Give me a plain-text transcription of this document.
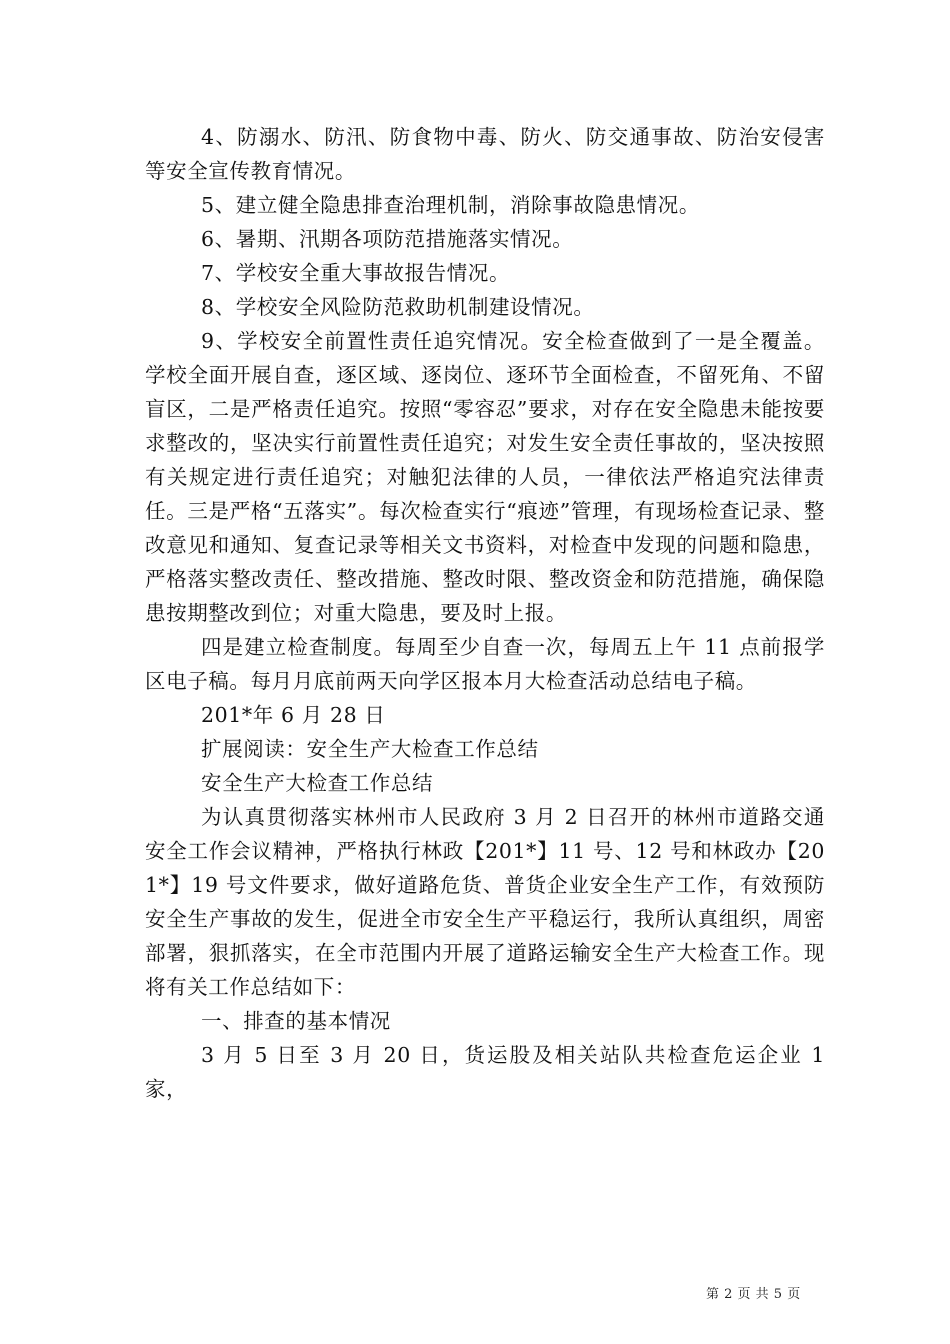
4、防溺水、防汛、防食物中毒、防火、防交通事故、防治安侵害等安全宣传教育情况。

5、建立健全隐患排查治理机制，消除事故隐患情况。

6、暑期、汛期各项防范措施落实情况。

7、学校安全重大事故报告情况。

8、学校安全风险防范救助机制建设情况。

9、学校安全前置性责任追究情况。安全检查做到了一是全覆盖。学校全面开展自查，逐区域、逐岗位、逐环节全面检查，不留死角、不留盲区，二是严格责任追究。按照“零容忍”要求，对存在安全隐患未能按要求整改的，坚决实行前置性责任追究；对发生安全责任事故的，坚决按照有关规定进行责任追究；对触犯法律的人员，一律依法严格追究法律责任。三是严格“五落实”。每次检查实行“痕迹”管理，有现场检查记录、整改意见和通知、复查记录等相关文书资料，对检查中发现的问题和隐患，严格落实整改责任、整改措施、整改时限、整改资金和防范措施，确保隐患按期整改到位；对重大隐患，要及时上报。

四是建立检查制度。每周至少自查一次，每周五上午 11 点前报学区电子稿。每月月底前两天向学区报本月大检查活动总结电子稿。

201*年 6 月 28 日

扩展阅读：安全生产大检查工作总结

安全生产大检查工作总结

为认真贯彻落实林州市人民政府 3 月 2 日召开的林州市道路交通安全工作会议精神，严格执行林政【201*】11 号、12 号和林政办【201*】19 号文件要求，做好道路危货、普货企业安全生产工作，有效预防安全生产事故的发生，促进全市安全生产平稳运行，我所认真组织，周密部署，狠抓落实，在全市范围内开展了道路运输安全生产大检查工作。现将有关工作总结如下：

一、排查的基本情况

3 月 5 日至 3 月 20 日，货运股及相关站队共检查危运企业 1 家，

第 2 页 共 5 页
